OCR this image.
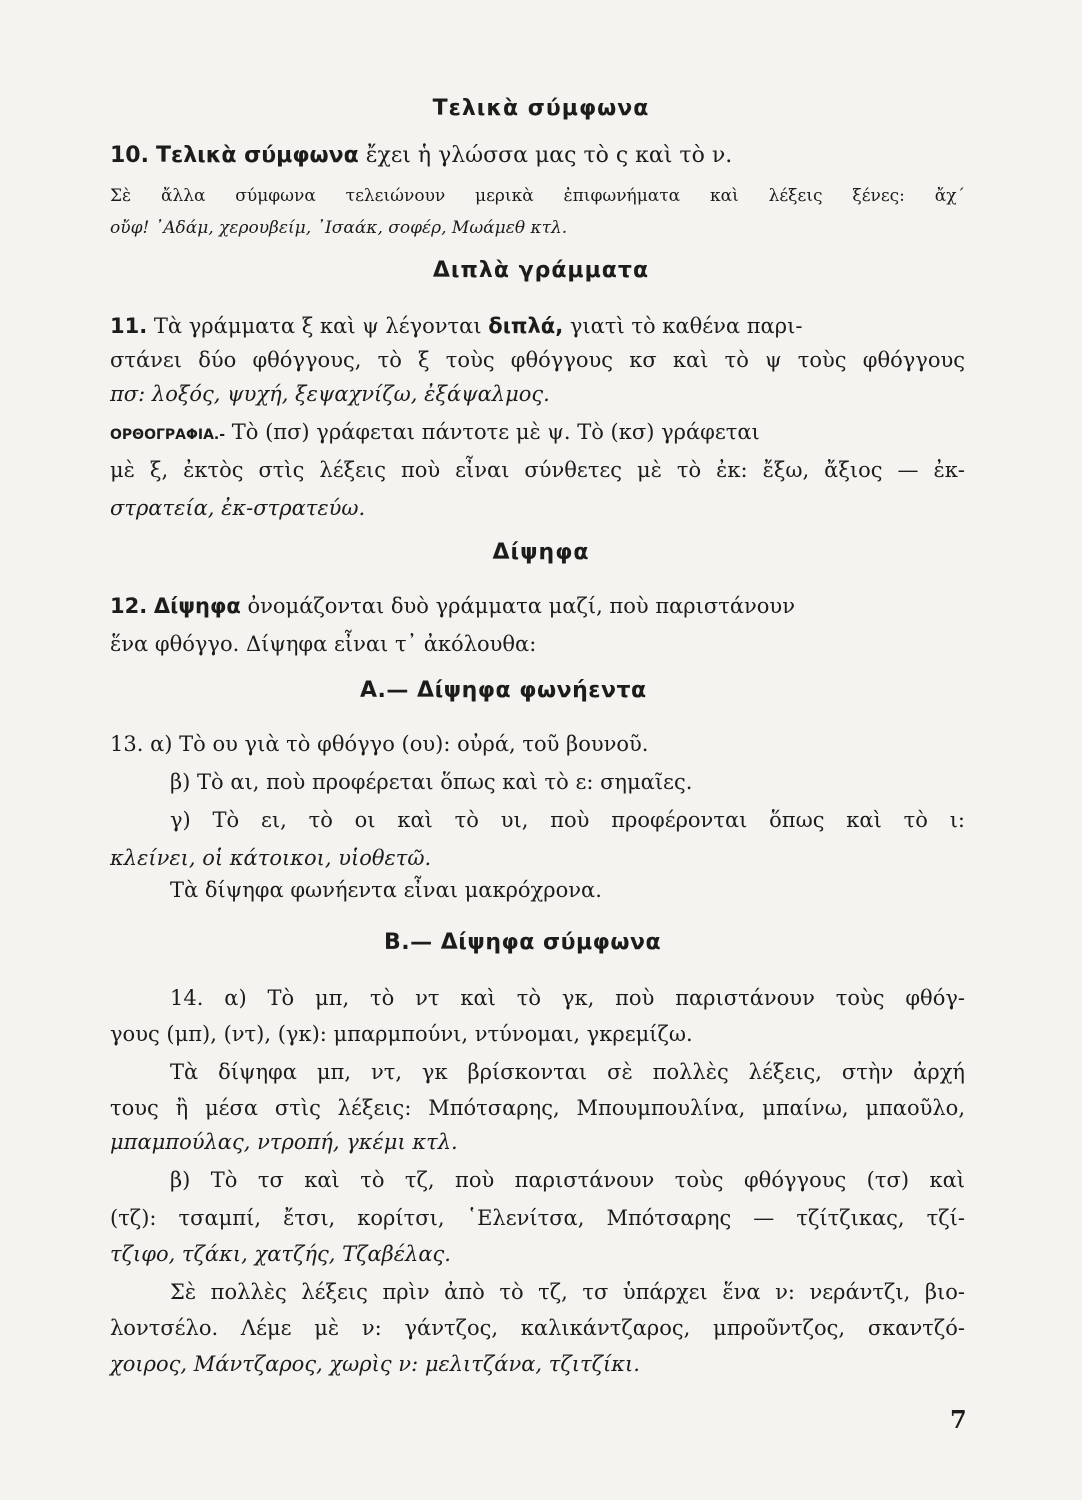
Τελικὰ σύμφωνα

10. Τελικὰ σύμφωνα ἔχει ἡ γλώσσα μας τὸ ς καὶ τὸ ν.

Σὲ ἄλλα σύμφωνα τελειώνουν μερικὰ ἐπιφωνήματα καὶ λέξεις ξένες: ἄχ΄

οὔφ! ᾽Αδάμ, χερουβείμ, ᾽Ισαάκ, σοφέρ, Μωάμεθ κτλ.

Διπλὰ γράμματα

11. Τὰ γράμματα ξ καὶ ψ λέγονται διπλά, γιατὶ τὸ καθένα παρι-

στάνει δύο φθόγγους, τὸ ξ τοὺς φθόγγους κσ καὶ τὸ ψ τοὺς φθόγγους

πσ: λοξός, ψυχή, ξεψαχνίζω, ἐξάψαλμος.

ΟΡΘΟΓΡΑΦΙΑ.- Τὸ (πσ) γράφεται πάντοτε μὲ ψ. Τὸ (κσ) γράφεται

μὲ ξ, ἐκτὸς στὶς λέξεις ποὺ εἶναι σύνθετες μὲ τὸ ἐκ: ἔξω, ἄξιος — ἐκ-

στρατεία, ἐκ-στρατεύω.

Δίψηφα

12. Δίψηφα ὀνομάζονται δυὸ γράμματα μαζί, ποὺ παριστάνουν

ἕνα φθόγγο. Δίψηφα εἶναι τ᾽ ἀκόλουθα:

Α.— Δίψηφα φωνήεντα

13. α) Τὸ ου γιὰ τὸ φθόγγο (ου): οὐρά, τοῦ βουνοῦ.

β) Τὸ αι, ποὺ προφέρεται ὅπως καὶ τὸ ε: σημαῖες.

γ) Τὸ ει, τὸ οι καὶ τὸ υι, ποὺ προφέρονται ὅπως καὶ τὸ ι:

κλείνει, οἱ κάτοικοι, υἱοθετῶ.

Τὰ δίψηφα φωνήεντα εἶναι μακρόχρονα.

Β.— Δίψηφα σύμφωνα

14. α) Τὸ μπ, τὸ ντ καὶ τὸ γκ, ποὺ παριστάνουν τοὺς φθόγ-

γους (μπ), (ντ), (γκ): μπαρμπούνι, ντύνομαι, γκρεμίζω.

Τὰ δίψηφα μπ, ντ, γκ βρίσκονται σὲ πολλὲς λέξεις, στὴν ἀρχή

τους ἢ μέσα στὶς λέξεις: Μπότσαρης, Μπουμπουλίνα, μπαίνω, μπαοῦλο,

μπαμπούλας, ντροπή, γκέμι κτλ.

β) Τὸ τσ καὶ τὸ τζ, ποὺ παριστάνουν τοὺς φθόγγους (τσ) καὶ

(τζ): τσαμπί, ἔτσι, κορίτσι, ῾Ελενίτσα, Μπότσαρης — τζίτζικας, τζί-

τζιφο, τζάκι, χατζής, Τζαβέλας.

Σὲ πολλὲς λέξεις πρὶν ἀπὸ τὸ τζ, τσ ὑπάρχει ἕνα ν: νεράντζι, βιο-

λοντσέλο. Λέμε μὲ ν: γάντζος, καλικάντζαρος, μπροῦντζος, σκαντζό-

χοιρος, Μάντζαρος, χωρὶς ν: μελιτζάνα, τζιτζίκι.

7
